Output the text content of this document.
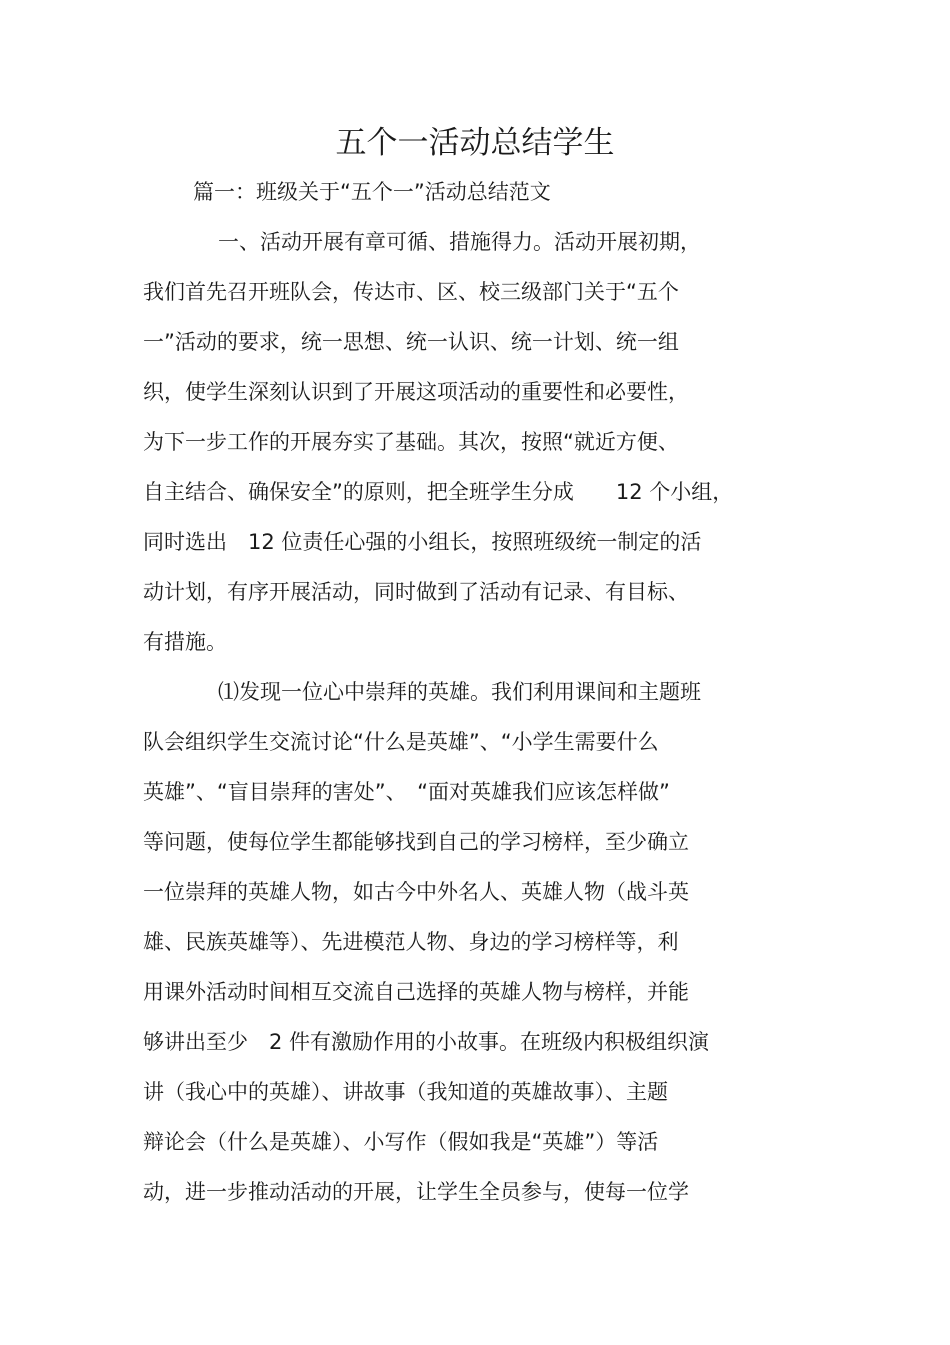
五个一活动总结学生
篇一：班级关于“五个一”活动总结范文
一、活动开展有章可循、措施得力。活动开展初期，
我们首先召开班队会，传达市、区、校三级部门关于“五个
一”活动的要求，统一思想、统一认识、统一计划、统一组
织，使学生深刻认识到了开展这项活动的重要性和必要性，
为下一步工作的开展夯实了基础。其次，按照“就近方便、
自主结合、确保安全”的原则，把全班学生分成　　12 个小组，
同时选出　12 位责任心强的小组长，按照班级统一制定的活
动计划，有序开展活动，同时做到了活动有记录、有目标、
有措施。
⑴发现一位心中崇拜的英雄。我们利用课间和主题班
队会组织学生交流讨论“什么是英雄”、“小学生需要什么
英雄”、“盲目崇拜的害处”、　“面对英雄我们应该怎样做”
等问题，使每位学生都能够找到自己的学习榜样，至少确立
一位崇拜的英雄人物，如古今中外名人、英雄人物（战斗英
雄、民族英雄等）、先进模范人物、身边的学习榜样等，利
用课外活动时间相互交流自己选择的英雄人物与榜样，并能
够讲出至少　2 件有激励作用的小故事。在班级内积极组织演
讲（我心中的英雄）、讲故事（我知道的英雄故事）、主题
辩论会（什么是英雄）、小写作（假如我是“英雄”）等活
动，进一步推动活动的开展，让学生全员参与，使每一位学
